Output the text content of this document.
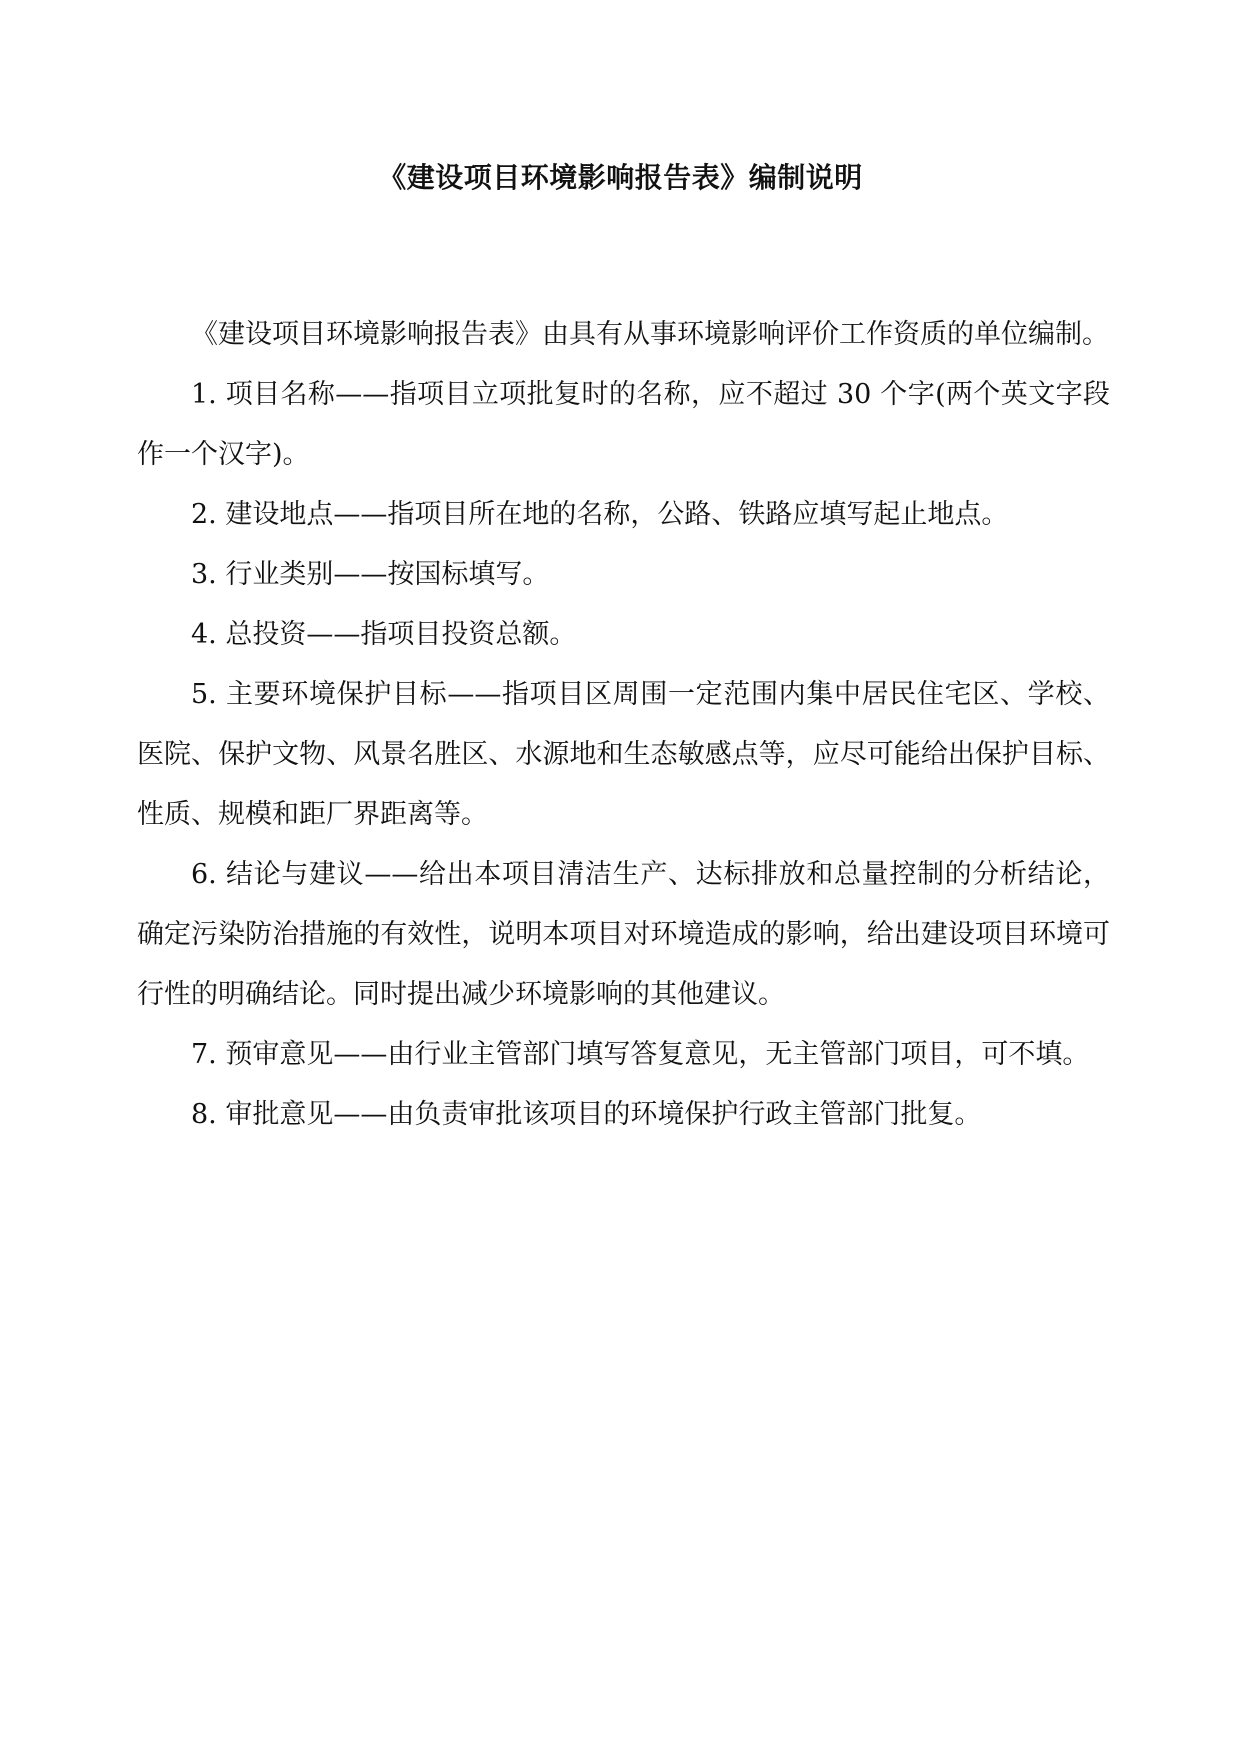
《建设项目环境影响报告表》编制说明

《建设项目环境影响报告表》由具有从事环境影响评价工作资质的单位编制。

1. 项目名称——指项目立项批复时的名称，应不超过 30 个字(两个英文字段作一个汉字)。

2. 建设地点——指项目所在地的名称，公路、铁路应填写起止地点。

3. 行业类别——按国标填写。

4. 总投资——指项目投资总额。

5. 主要环境保护目标——指项目区周围一定范围内集中居民住宅区、学校、医院、保护文物、风景名胜区、水源地和生态敏感点等，应尽可能给出保护目标、性质、规模和距厂界距离等。

6. 结论与建议——给出本项目清洁生产、达标排放和总量控制的分析结论，确定污染防治措施的有效性，说明本项目对环境造成的影响，给出建设项目环境可行性的明确结论。同时提出减少环境影响的其他建议。

7. 预审意见——由行业主管部门填写答复意见，无主管部门项目，可不填。

8. 审批意见——由负责审批该项目的环境保护行政主管部门批复。
